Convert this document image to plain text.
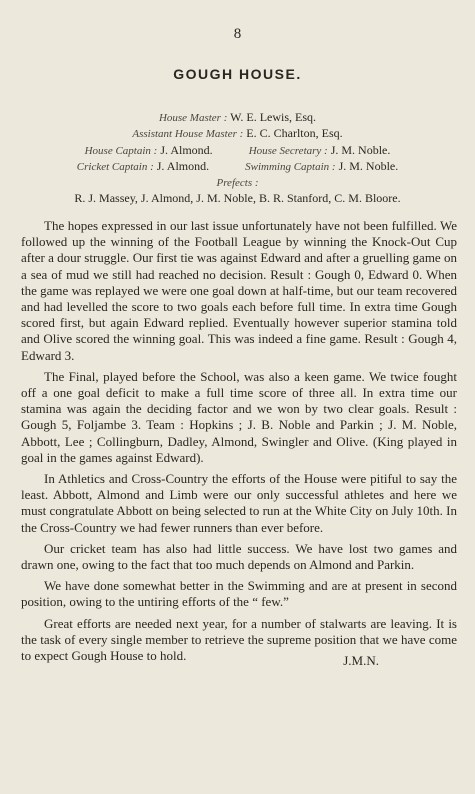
8
GOUGH HOUSE.
House Master : W. E. Lewis, Esq.
Assistant House Master : E. C. Charlton, Esq.
House Captain : J. Almond.	House Secretary : J. M. Noble.
Cricket Captain : J. Almond.	Swimming Captain : J. M. Noble.
Prefects :
R. J. Massey, J. Almond, J. M. Noble, B. R. Stanford, C. M. Bloore.

The hopes expressed in our last issue unfortunately have not been fulfilled. We followed up the winning of the Football League by winning the Knock-Out Cup after a dour struggle. Our first tie was against Edward and after a gruelling game on a sea of mud we still had reached no decision. Result : Gough 0, Edward 0. When the game was replayed we were one goal down at half-time, but our team recovered and had levelled the score to two goals each before full time. In extra time Gough scored first, but again Edward replied. Eventually however superior stamina told and Olive scored the winning goal. This was indeed a fine game. Result : Gough 4, Edward 3.

The Final, played before the School, was also a keen game. We twice fought off a one goal deficit to make a full time score of three all. In extra time our stamina was again the deciding factor and we won by two clear goals. Result : Gough 5, Foljambe 3. Team : Hopkins ; J. B. Noble and Parkin ; J. M. Noble, Abbott, Lee ; Collingburn, Dadley, Almond, Swingler and Olive. (King played in goal in the games against Edward).

In Athletics and Cross-Country the efforts of the House were pitiful to say the least. Abbott, Almond and Limb were our only successful athletes and here we must congratulate Abbott on being selected to run at the White City on July 10th. In the Cross-Country we had fewer runners than ever before.

Our cricket team has also had little success. We have lost two games and drawn one, owing to the fact that too much depends on Almond and Parkin.

We have done somewhat better in the Swimming and are at present in second position, owing to the untiring efforts of the “ few.”

Great efforts are needed next year, for a number of stalwarts are leaving. It is the task of every single member to retrieve the supreme position that we have come to expect Gough House to hold.	J.M.N.
